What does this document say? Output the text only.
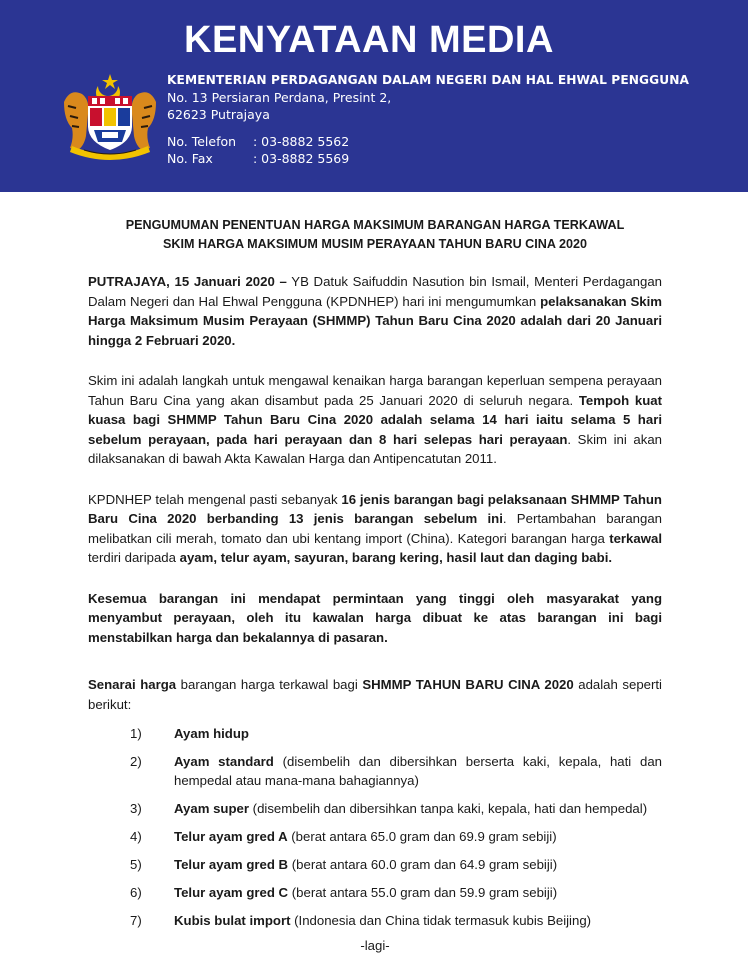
KENYATAAN MEDIA
KEMENTERIAN PERDAGANGAN DALAM NEGERI DAN HAL EHWAL PENGGUNA
No. 13 Persiaran Perdana, Presint 2,
62623 Putrajaya
No. Telefon	: 03-8882 5562
No. Fax	: 03-8882 5569
PENGUMUMAN PENENTUAN HARGA MAKSIMUM BARANGAN HARGA TERKAWAL
SKIM HARGA MAKSIMUM MUSIM PERAYAAN TAHUN BARU CINA 2020

PUTRAJAYA, 15 Januari 2020 – YB Datuk Saifuddin Nasution bin Ismail, Menteri Perdagangan Dalam Negeri dan Hal Ehwal Pengguna (KPDNHEP) hari ini mengumumkan pelaksanakan Skim Harga Maksimum Musim Perayaan (SHMMP) Tahun Baru Cina 2020 adalah dari 20 Januari hingga 2 Februari 2020.

Skim ini adalah langkah untuk mengawal kenaikan harga barangan keperluan sempena perayaan Tahun Baru Cina yang akan disambut pada 25 Januari 2020 di seluruh negara. Tempoh kuat kuasa bagi SHMMP Tahun Baru Cina 2020 adalah selama 14 hari iaitu selama 5 hari sebelum perayaan, pada hari perayaan dan 8 hari selepas hari perayaan. Skim ini akan dilaksanakan di bawah Akta Kawalan Harga dan Antipencatutan 2011.

KPDNHEP telah mengenal pasti sebanyak 16 jenis barangan bagi pelaksanaan SHMMP Tahun Baru Cina 2020 berbanding 13 jenis barangan sebelum ini. Pertambahan barangan melibatkan cili merah, tomato dan ubi kentang import (China). Kategori barangan harga terkawal terdiri daripada ayam, telur ayam, sayuran, barang kering, hasil laut dan daging babi.

Kesemua barangan ini mendapat permintaan yang tinggi oleh masyarakat yang menyambut perayaan, oleh itu kawalan harga dibuat ke atas barangan ini bagi menstabilkan harga dan bekalannya di pasaran.

Senarai harga barangan harga terkawal bagi SHMMP TAHUN BARU CINA 2020 adalah seperti berikut:

1)	Ayam hidup
2)	Ayam standard (disembelih dan dibersihkan berserta kaki, kepala, hati dan hempedal atau mana-mana bahagiannya)
3)	Ayam super (disembelih dan dibersihkan tanpa kaki, kepala, hati dan hempedal)
4)	Telur ayam gred A (berat antara 65.0 gram dan 69.9 gram sebiji)
5)	Telur ayam gred B (berat antara 60.0 gram dan 64.9 gram sebiji)
6)	Telur ayam gred C (berat antara 55.0 gram dan 59.9 gram sebiji)
7)	Kubis bulat import (Indonesia dan China tidak termasuk kubis Beijing)
-lagi-
